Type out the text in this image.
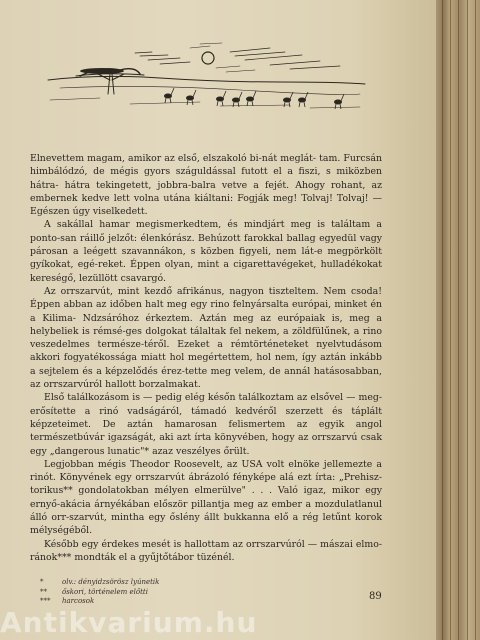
Elnevettem magam, amikor az első, elszakoló bi-nát meglát- tam. Furcsán himbálódzó, de mégis gyors száguldással futott el a fiszi, s miközben hátra- hátra tekingetett, jobbra-balra vetve a fejét. Ahogy rohant, az embernek kedve lett volna utána kiáltani: Fogják meg! Tolvaj! Tolvaj! — Egészen úgy viselkedett.

A sakállal hamar megismerkedtem, és mindjárt meg is találtam a ponto-san ráillő jelzőt: élenkórász. Behúzott farokkal ballag egyedül vagy párosan a leégett szavannákon, s közben figyeli, nem lát-e megpörkölt gyíkokat, egé-reket. Éppen olyan, mint a cigarettavégeket, hulladékokat kereségő, lezüllött csavargó.

Az orrszarvút, mint kezdő afrikánus, nagyon tiszteltem. Nem csoda! Éppen abban az időben halt meg egy rino felnyársalta európai, minket én a Kilima- Ndzsáróhoz érkeztem. Aztán meg az európaiak is, meg a helybeliek is rémsé-ges dolgokat tálaltak fel nekem, a zöldfülűnek, a rino veszedelmes természe-téről. Ezeket a rémtörténeteket nyelvtudásom akkori fogyatékossága miatt hol megértettem, hol nem, így aztán inkább a sejtelem és a képzelődés érez-tette meg velem, de annál hatásosabban, az orrszarvúról hallott borzalmakat.

Első találkozásom is — pedig elég későn találkoztam az elsővel — meg-erősítette a rinó vadságáról, támadó kedvéről szerzett és táplált képzeteimet. De aztán hamarosan felismertem az egyik angol természetbúvár igazságát, aki azt írta könyvében, hogy az orrszarvú csak egy „dangerous lunatic"* azaz veszélyes őrült.

Legjobban mégis Theodor Roosevelt, az USA volt elnöke jellemezte a rinót. Könyvének egy orrszarvút ábrázoló fényképe alá ezt írta: „Prehisz-torikus** gondolatokban mélyen elmerülve" . . . Való igaz, mikor egy ernyő-akácia árnyékában először pillantja meg az ember a mozdulatlanul álló orr-szarvút, mintha egy őslény állt bukkanna elő a rég letűnt korok mélységéből.

Később egy érdekes mesét is hallottam az orrszarvúról — mászai elmo-ránok*** mondták el a gyűjtőtábor tüzénél.

*	olv.: dényidzsörösz lyúnetik
** őskori, történelem előtti
*** harcosok	89
Antikvarium.hu
